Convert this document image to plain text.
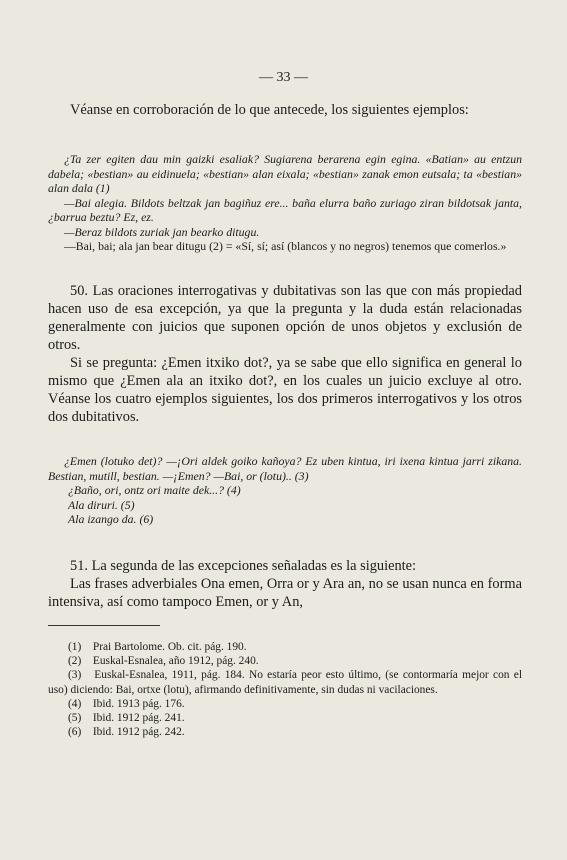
— 33 —

Véanse en corroboración de lo que antecede, los siguientes ejemplos:

¿Ta zer egiten dau min gaizki esaliak? Sugiarena berarena egin egina. «Batian» au entzun dabela; «bestian» au eidinuela; «bestian» alan eixala; «bestian» zanak emon eutsala; ta «bestian» alan dala (1)

—Bai alegia. Bildots beltzak jan bagiñuz ere... baña elurra baño zuriago ziran bildotsak janta, ¿barrua beztu? Ez, ez.

—Beraz bildots zuriak jan bearko ditugu.

—Bai, bai; ala jan bear ditugu (2) = «Sí, sí; así (blancos y no negros) tenemos que comerlos.»

50. Las oraciones interrogativas y dubitativas son las que con más propiedad hacen uso de esa excepción, ya que la pregunta y la duda están relacionadas generalmente con juicios que suponen opción de unos objetos y exclusión de otros.

Si se pregunta: ¿Emen itxiko dot?, ya se sabe que ello significa en general lo mismo que ¿Emen ala an itxiko dot?, en los cuales un juicio excluye al otro. Véanse los cuatro ejemplos siguientes, los dos primeros interrogativos y los otros dos dubitativos.

¿Emen (lotuko det)? —¡Ori aldek goiko kañoya? Ez uben kintua, iri ixena kintua jarri zikana. Bestian, mutill, bestian. —¡Emen? —Bai, or (lotu).. (3)

¿Baño, ori, ontz ori maite dek...? (4)

Ala diruri. (5)

Ala izango da. (6)

51. La segunda de las excepciones señaladas es la siguiente:

Las frases adverbiales Ona emen, Orra or y Ara an, no se usan nunca en forma intensiva, así como tampoco Emen, or y An,

(1) Prai Bartolome. Ob. cit. pág. 190.

(2) Euskal-Esnalea, año 1912, pág. 240.

(3) Euskal-Esnalea, 1911, pág. 184. No estaría peor esto último, (se contormaría mejor con el uso) diciendo: Bai, ortxe (lotu), afirmando definitivamente, sin dudas ni vacilaciones.

(4) Ibid. 1913 pág. 176.

(5) Ibid. 1912 pág. 241.

(6) Ibid. 1912 pág. 242.
